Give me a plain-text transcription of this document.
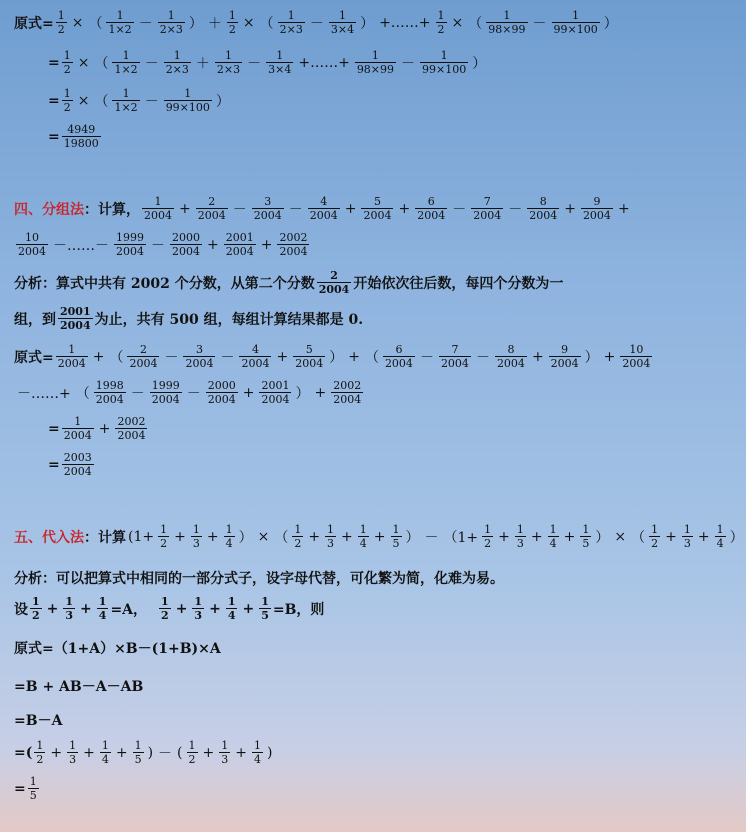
原式= $\frac{1}{2}$ × （ $\frac{1}{1\times 2} - \frac{1}{2\times 3}$ ） ＋ $\frac{1}{2}$ × （ $\frac{1}{2\times 3} - \frac{1}{3\times 4}$ ） +……+ $\frac{1}{2}$ × （ $\frac{1}{98\times 99} - \frac{1}{99\times 100}$ ）
= $\frac{1}{2}$ × （ $\frac{1}{1\times 2} - \frac{1}{2\times 3} + \frac{1}{2\times 3} - \frac{1}{3\times 4}$ +……+ $\frac{1}{98\times 99} - \frac{1}{99\times 100}$ ）
= $\frac{1}{2}$ × （ $\frac{1}{1\times 2} - \frac{1}{99\times 100}$ ）
= $\frac{4949}{19800}$
四、分组法 ：计算， $\frac{1}{2004} + \frac{2}{2004} - \frac{3}{2004} - \frac{4}{2004} + \frac{5}{2004} + \frac{6}{2004} - \frac{7}{2004} - \frac{8}{2004} + \frac{9}{2004}$ +
$\frac{10}{2004}$ －……－ $\frac{1999}{2004} - \frac{2000}{2004} + \frac{2001}{2004} + \frac{2002}{2004}$
分析：算式中共有 2002 个分数，从第二个分数 $\frac{2}{2004}$ 开始依次往后数，每四个分数为一
组，到 $\frac{2001}{2004}$ 为止，共有 500 组，每组计算结果都是 0.
原式= $\frac{1}{2004}$ + （ $\frac{2}{2004} - \frac{3}{2004} - \frac{4}{2004} + \frac{5}{2004}$ ） + （ $\frac{6}{2004} - \frac{7}{2004} - \frac{8}{2004} + \frac{9}{2004}$ ） + $\frac{10}{2004}$
－……+ （ $\frac{1998}{2004} - \frac{1999}{2004} - \frac{2000}{2004} + \frac{2001}{2004}$ ） + $\frac{2002}{2004}$
= $\frac{1}{2004} + \frac{2002}{2004}$
= $\frac{2003}{2004}$
五、代入法 ：计算 ($1+ \frac{1}{2} + \frac{1}{3} + \frac{1}{4}$ ） × （ $\frac{1}{2} + \frac{1}{3} + \frac{1}{4} + \frac{1}{5}$ ） － （$1+ \frac{1}{2} + \frac{1}{3} + \frac{1}{4} + \frac{1}{5}$ ） × （ $\frac{1}{2} + \frac{1}{3} + \frac{1}{4}$ ）
分析：可以把算式中相同的一部分式子，设字母代替，可化繁为简，化难为易。
设 $\frac{1}{2} + \frac{1}{3} + \frac{1}{4} =A$， $\frac{1}{2} + \frac{1}{3} + \frac{1}{4} + \frac{1}{5} =B$，则
原式=（1+A）×B－(1+B)×A
=B + AB－A－AB
=B－A
=( $\frac{1}{2} + \frac{1}{3} + \frac{1}{4} + \frac{1}{5}$ ) － ( $\frac{1}{2} + \frac{1}{3} + \frac{1}{4}$ )
= $\frac{1}{5}$
